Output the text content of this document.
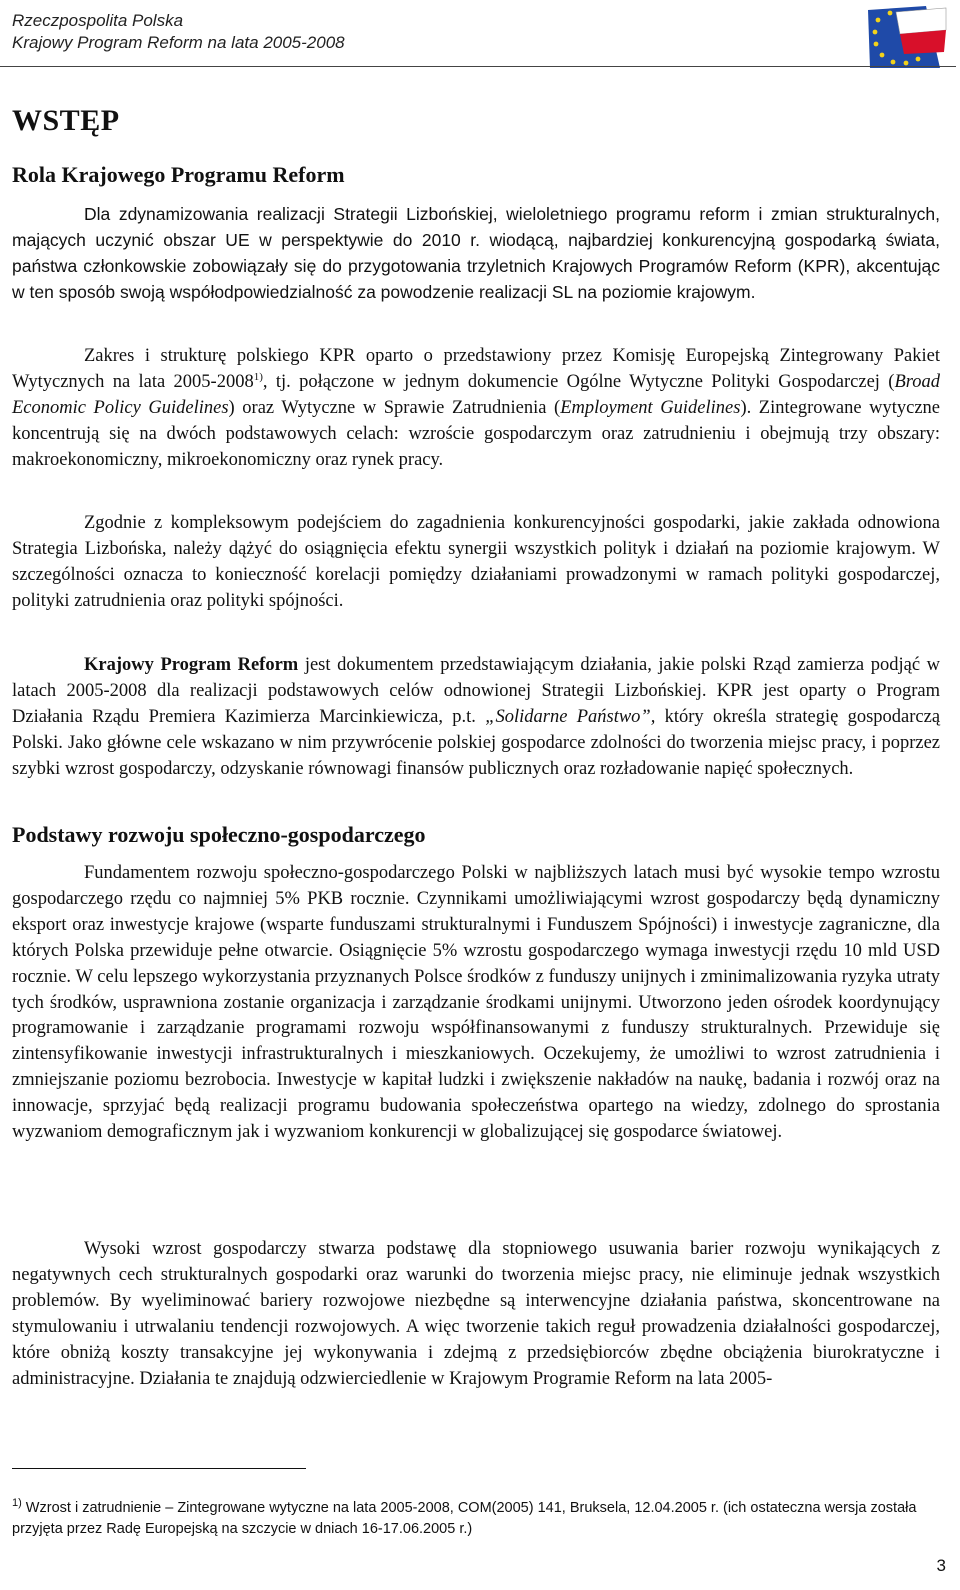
Rzeczpospolita Polska
Krajowy Program Reform na lata 2005-2008
WSTĘP
Rola Krajowego Programu Reform

Dla zdynamizowania realizacji Strategii Lizbońskiej, wieloletniego programu reform i zmian strukturalnych, mających uczynić obszar UE w perspektywie do 2010 r. wiodącą, najbardziej konkurencyjną gospodarką świata, państwa członkowskie zobowiązały się do przygotowania trzyletnich Krajowych Programów Reform (KPR), akcentując w ten sposób swoją współodpowiedzialność za powodzenie realizacji SL na poziomie krajowym.

Zakres i strukturę polskiego KPR oparto o przedstawiony przez Komisję Europejską Zintegrowany Pakiet Wytycznych na lata 2005-2008$^{1)}$, tj. połączone w jednym dokumencie Ogólne Wytyczne Polityki Gospodarczej (Broad Economic Policy Guidelines) oraz Wytyczne w Sprawie Zatrudnienia (Employment Guidelines). Zintegrowane wytyczne koncentrują się na dwóch podstawowych celach: wzroście gospodarczym oraz zatrudnieniu i obejmują trzy obszary: makroekonomiczny, mikroekonomiczny oraz rynek pracy.

Zgodnie z kompleksowym podejściem do zagadnienia konkurencyjności gospodarki, jakie zakłada odnowiona Strategia Lizbońska, należy dążyć do osiągnięcia efektu synergii wszystkich polityk i działań na poziomie krajowym. W szczególności oznacza to konieczność korelacji pomiędzy działaniami prowadzonymi w ramach polityki gospodarczej, polityki zatrudnienia oraz polityki spójności.

Krajowy Program Reform jest dokumentem przedstawiającym działania, jakie polski Rząd zamierza podjąć w latach 2005-2008 dla realizacji podstawowych celów odnowionej Strategii Lizbońskiej. KPR jest oparty o Program Działania Rządu Premiera Kazimierza Marcinkiewicza, p.t. „Solidarne Państwo”, który określa strategię gospodarczą Polski. Jako główne cele wskazano w nim przywrócenie polskiej gospodarce zdolności do tworzenia miejsc pracy, i poprzez szybki wzrost gospodarczy, odzyskanie równowagi finansów publicznych oraz rozładowanie napięć społecznych.

Podstawy rozwoju społeczno-gospodarczego

Fundamentem rozwoju społeczno-gospodarczego Polski w najbliższych latach musi być wysokie tempo wzrostu gospodarczego rzędu co najmniej 5% PKB rocznie. Czynnikami umożliwiającymi wzrost gospodarczy będą dynamiczny eksport oraz inwestycje krajowe (wsparte funduszami strukturalnymi i Funduszem Spójności) i inwestycje zagraniczne, dla których Polska przewiduje pełne otwarcie. Osiągnięcie 5% wzrostu gospodarczego wymaga inwestycji rzędu 10 mld USD rocznie. W celu lepszego wykorzystania przyznanych Polsce środków z funduszy unijnych i zminimalizowania ryzyka utraty tych środków, usprawniona zostanie organizacja i zarządzanie środkami unijnymi. Utworzono jeden ośrodek koordynujący programowanie i zarządzanie programami rozwoju współfinansowanymi z funduszy strukturalnych. Przewiduje się zintensyfikowanie inwestycji infrastrukturalnych i mieszkaniowych. Oczekujemy, że umożliwi to wzrost zatrudnienia i zmniejszanie poziomu bezrobocia. Inwestycje w kapitał ludzki i zwiększenie nakładów na naukę, badania i rozwój oraz na innowacje, sprzyjać będą realizacji programu budowania społeczeństwa opartego na wiedzy, zdolnego do sprostania wyzwaniom demograficznym jak i wyzwaniom konkurencji w globalizującej się gospodarce światowej.

Wysoki wzrost gospodarczy stwarza podstawę dla stopniowego usuwania barier rozwoju wynikających z negatywnych cech strukturalnych gospodarki oraz warunki do tworzenia miejsc pracy, nie eliminuje jednak wszystkich problemów. By wyeliminować bariery rozwojowe niezbędne są interwencyjne działania państwa, skoncentrowane na stymulowaniu i utrwalaniu tendencji rozwojowych. A więc tworzenie takich reguł prowadzenia działalności gospodarczej, które obniżą koszty transakcyjne jej wykonywania i zdejmą z przedsiębiorców zbędne obciążenia biurokratyczne i administracyjne. Działania te znajdują odzwierciedlenie w Krajowym Programie Reform na lata 2005-

$^{1)}$ Wzrost i zatrudnienie – Zintegrowane wytyczne na lata 2005-2008, COM(2005) 141, Bruksela, 12.04.2005 r. (ich ostateczna wersja została przyjęta przez Radę Europejską na szczycie w dniach 16-17.06.2005 r.)

3
